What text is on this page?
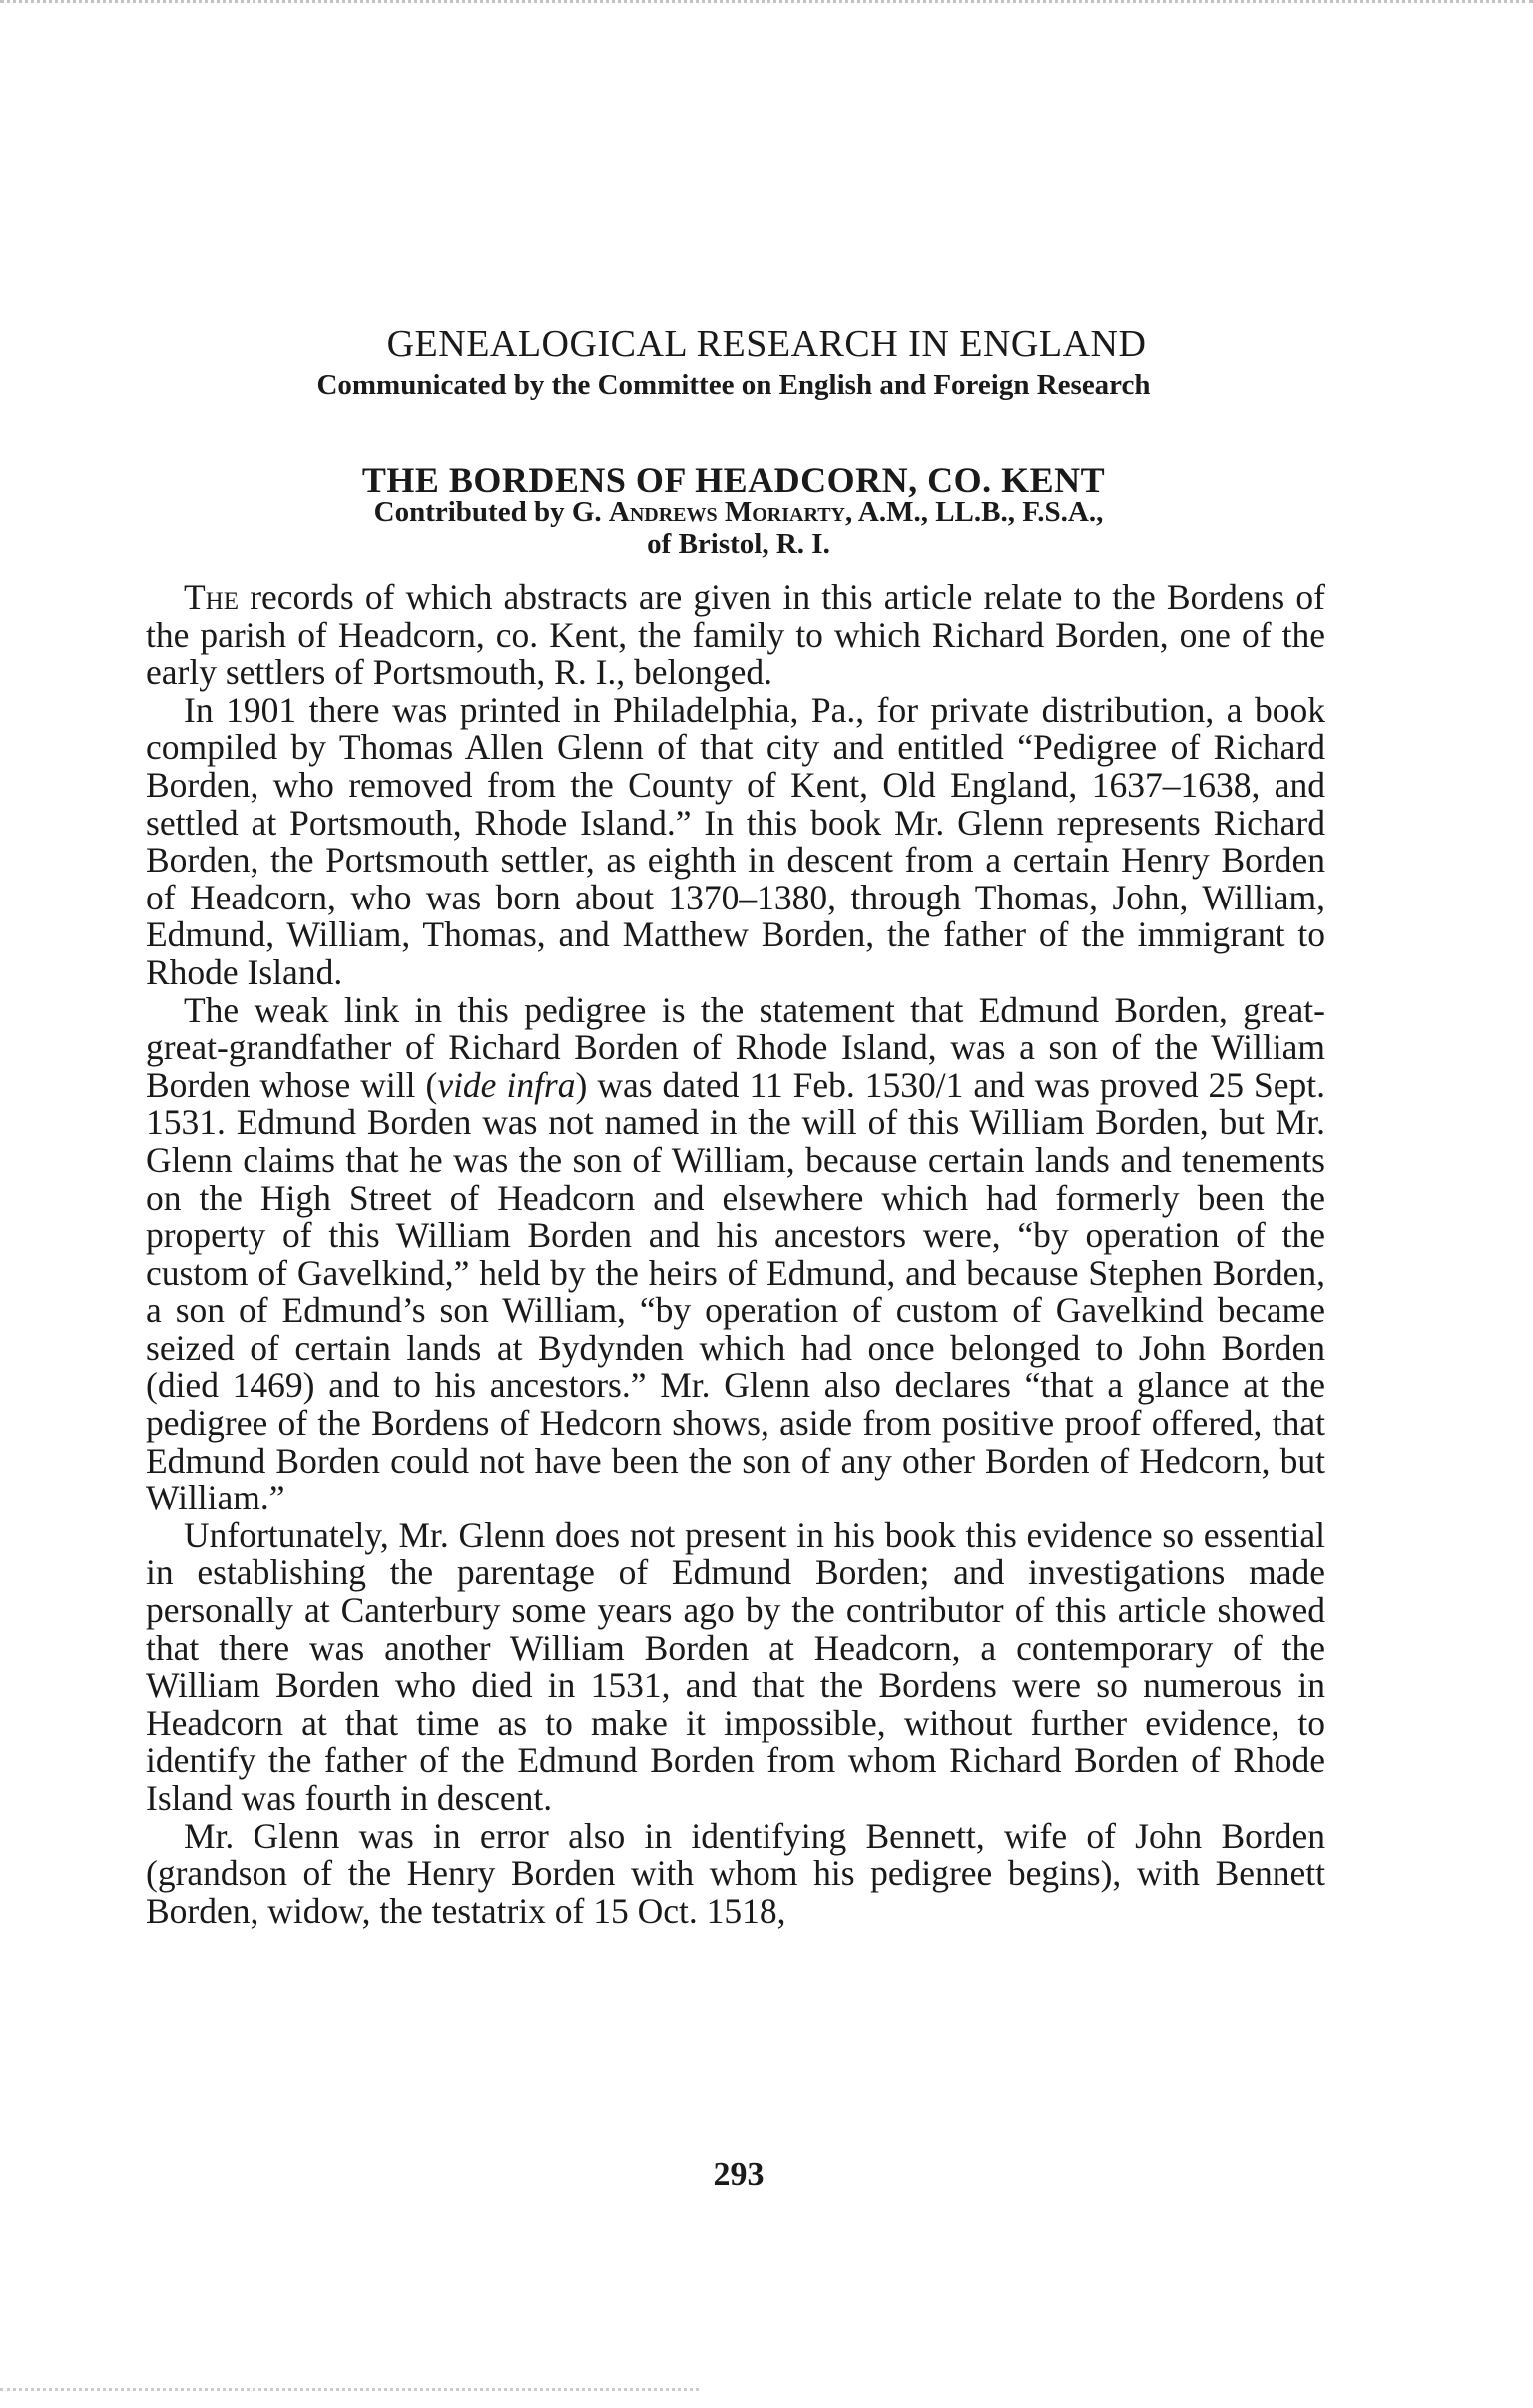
GENEALOGICAL RESEARCH IN ENGLAND
Communicated by the Committee on English and Foreign Research
THE BORDENS OF HEADCORN, CO. KENT
Contributed by G. Andrews Moriarty, A.M., LL.B., F.S.A.,
of Bristol, R. I.

The records of which abstracts are given in this article relate to the Bordens of the parish of Headcorn, co. Kent, the family to which Richard Borden, one of the early settlers of Portsmouth, R. I., belonged.

In 1901 there was printed in Philadelphia, Pa., for private distribution, a book compiled by Thomas Allen Glenn of that city and entitled “Pedigree of Richard Borden, who removed from the County of Kent, Old England, 1637–1638, and settled at Portsmouth, Rhode Island.” In this book Mr. Glenn represents Richard Borden, the Portsmouth settler, as eighth in descent from a certain Henry Borden of Headcorn, who was born about 1370–1380, through Thomas, John, William, Edmund, William, Thomas, and Matthew Borden, the father of the immigrant to Rhode Island.

The weak link in this pedigree is the statement that Edmund Borden, great-great-grandfather of Richard Borden of Rhode Island, was a son of the William Borden whose will (vide infra) was dated 11 Feb. 1530/1 and was proved 25 Sept. 1531. Edmund Borden was not named in the will of this William Borden, but Mr. Glenn claims that he was the son of William, because certain lands and tenements on the High Street of Headcorn and elsewhere which had formerly been the property of this William Borden and his ancestors were, “by operation of the custom of Gavelkind,” held by the heirs of Edmund, and because Stephen Borden, a son of Edmund’s son William, “by operation of custom of Gavelkind became seized of certain lands at Bydynden which had once belonged to John Borden (died 1469) and to his ancestors.” Mr. Glenn also declares “that a glance at the pedigree of the Bordens of Hedcorn shows, aside from positive proof offered, that Edmund Borden could not have been the son of any other Borden of Hedcorn, but William.”

Unfortunately, Mr. Glenn does not present in his book this evidence so essential in establishing the parentage of Edmund Borden; and investigations made personally at Canterbury some years ago by the contributor of this article showed that there was another William Borden at Headcorn, a contemporary of the William Borden who died in 1531, and that the Bordens were so numerous in Headcorn at that time as to make it impossible, without further evidence, to identify the father of the Edmund Borden from whom Richard Borden of Rhode Island was fourth in descent.

Mr. Glenn was in error also in identifying Bennett, wife of John Borden (grandson of the Henry Borden with whom his pedigree begins), with Bennett Borden, widow, the testatrix of 15 Oct. 1518,

293
